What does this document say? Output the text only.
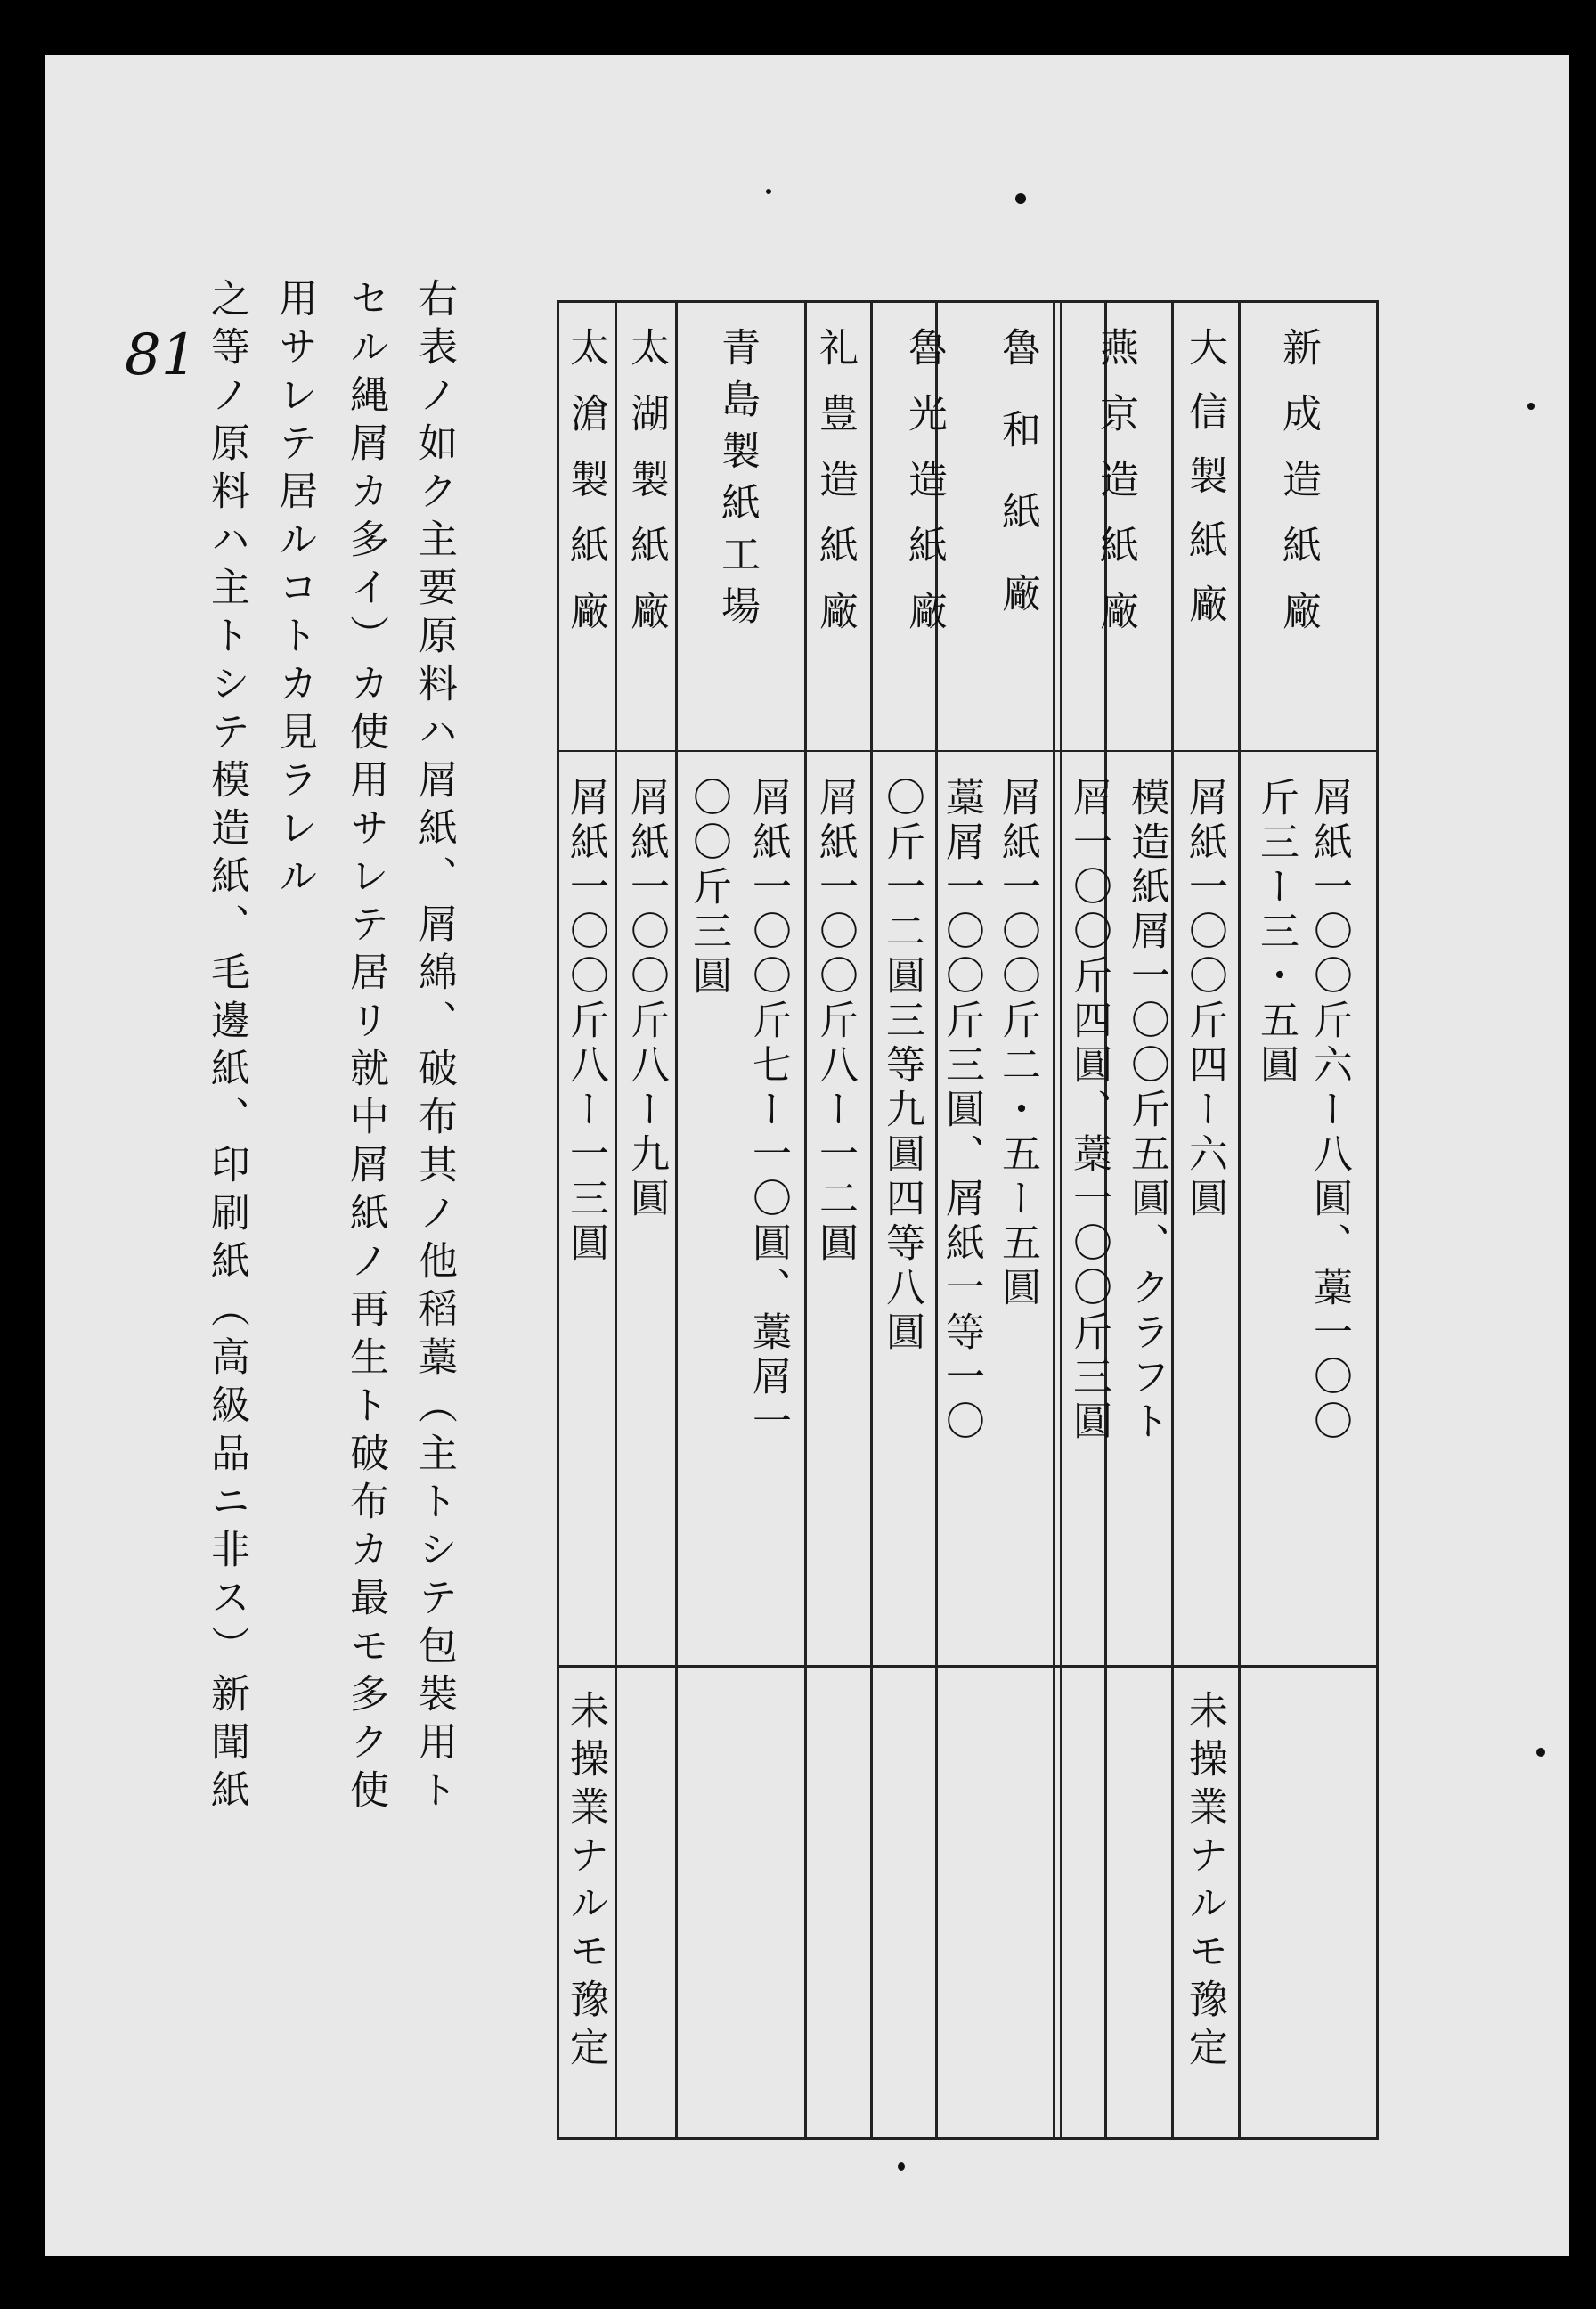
81	新成造紙廠
屑紙一〇〇斤六ー八圓、藁一〇〇
斤三ー三・五圓
大信製紙廠
屑紙一〇〇斤四ー六圓
未操業ナルモ豫定
燕京造紙廠
模造紙屑一〇〇斤五圓、クラフト
屑一〇〇斤四圓、藁一〇〇斤三圓
魯和紙廠
屑紙一〇〇斤二・五ー五圓
魯光造紙廠
藁屑一〇〇斤三圓、屑紙一等一〇
〇斤一二圓三等九圓四等八圓
礼豊造紙廠
屑紙一〇〇斤八ー一二圓
青島製紙工場
屑紙一〇〇斤七ー一〇圓、藁屑一
〇〇斤三圓
太湖製紙廠
屑紙一〇〇斤八ー九圓
太滄製紙廠
屑紙一〇〇斤八ー一三圓
未操業ナルモ豫定
右表ノ如ク主要原料ハ屑紙、屑綿、破布其ノ他稻藁（主トシテ包裝用ト
セル縄屑カ多イ）カ使用サレテ居リ就中屑紙ノ再生ト破布カ最モ多ク使
用サレテ居ルコトカ見ラレル
之等ノ原料ハ主トシテ模造紙、毛邊紙、印刷紙（高級品ニ非ス）新聞紙
